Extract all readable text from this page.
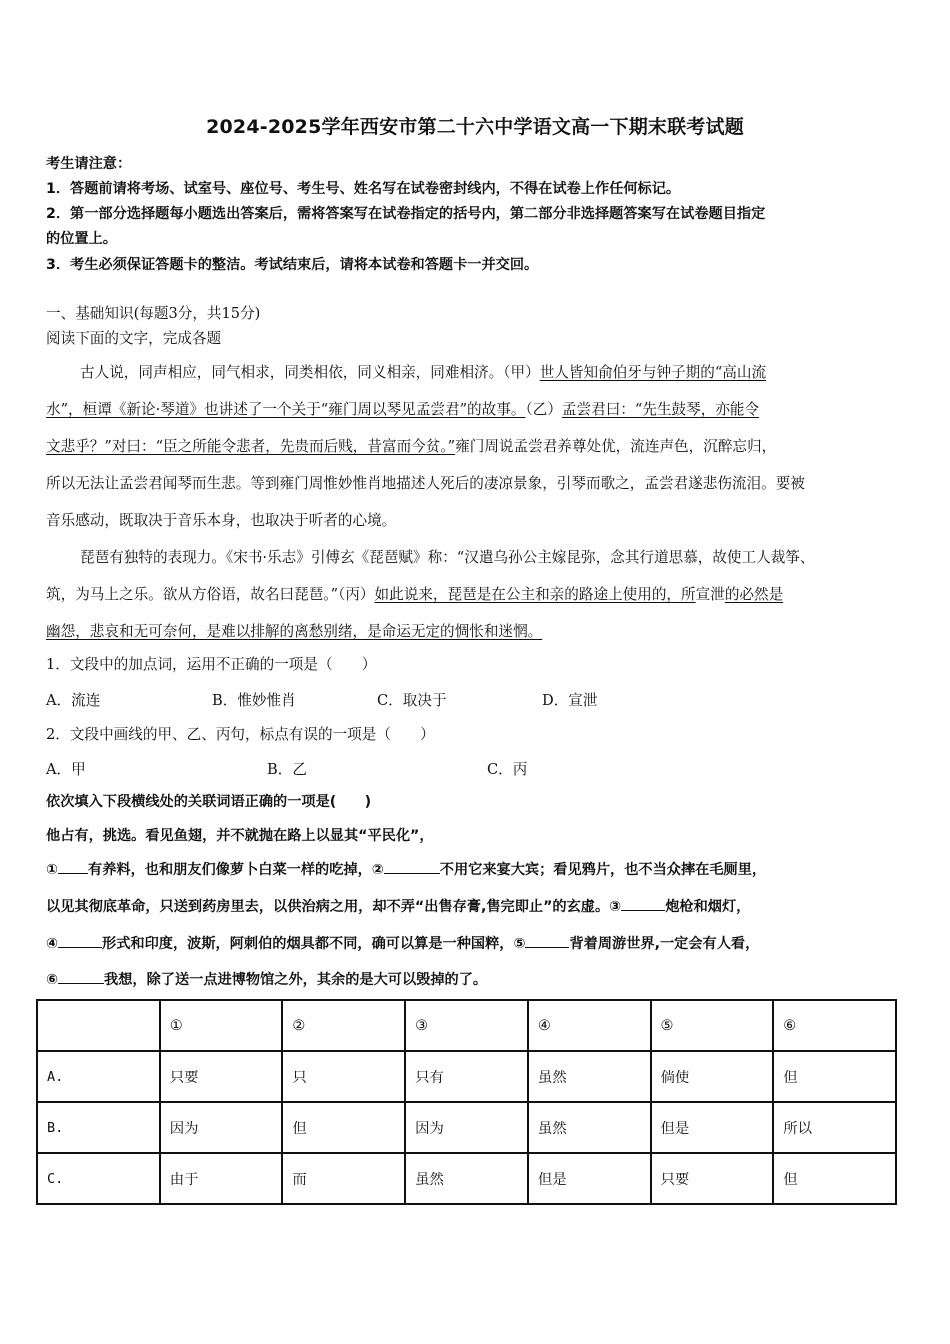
2024-2025学年西安市第二十六中学语文高一下期末联考试题
考生请注意：
1．答题前请将考场、试室号、座位号、考生号、姓名写在试卷密封线内，不得在试卷上作任何标记。
2．第一部分选择题每小题选出答案后，需将答案写在试卷指定的括号内，第二部分非选择题答案写在试卷题目指定
的位置上。
3．考生必须保证答题卡的整洁。考试结束后，请将本试卷和答题卡一并交回。
一、基础知识(每题3分，共15分)
阅读下面的文字，完成各题
古人说，同声相应，同气相求，同类相依，同义相亲，同难相济。（甲）世人皆知俞伯牙与钟子期的“高山流
水”，桓谭《新论·琴道》也讲述了一个关于“雍门周以琴见孟尝君”的故事。（乙）孟尝君曰：“先生鼓琴，亦能令
文悲乎？”对曰：“臣之所能令悲者，先贵而后贱，昔富而今贫。”雍门周说孟尝君养尊处优，流连声色，沉醉忘归，
所以无法让孟尝君闻琴而生悲。等到雍门周惟妙惟肖地描述人死后的凄凉景象，引琴而歌之，孟尝君遂悲伤流泪。要被
音乐感动，既取决于音乐本身，也取决于听者的心境。
琵琶有独特的表现力。《宋书·乐志》引傅玄《琵琶赋》称：“汉遣乌孙公主嫁昆弥，念其行道思慕，故使工人裁筝、
筑，为马上之乐。欲从方俗语，故名曰琵琶。”（丙）如此说来，琵琶是在公主和亲的路途上使用的，所宣泄的必然是
幽怨，悲哀和无可奈何，是难以排解的离愁别绪，是命运无定的惆怅和迷惘。
1．文段中的加点词，运用不正确的一项是（　　）
A．流连	B．惟妙惟肖	C．取决于	D．宣泄
2．文段中画线的甲、乙、丙句，标点有误的一项是（　　）
A．甲	B．乙	C．丙
依次填入下段横线处的关联词语正确的一项是(　　)
他占有，挑选。看见鱼翅，并不就抛在路上以显其“平民化”，
① 有养料，也和朋友们像萝卜白菜一样的吃掉，②	不用它来宴大宾；看见鸦片，也不当众摔在毛厕里，
以见其彻底革命，只送到药房里去，以供治病之用，却不弄“出售存膏,售完即止”的玄虚。③	炮枪和烟灯，
④	形式和印度，波斯，阿刺伯的烟具都不同，确可以算是一种国粹，⑤	背着周游世界,一定会有人看，
⑥	我想，除了送一点进博物馆之外，其余的是大可以毁掉的了。
	①	②	③	④	⑤	⑥
A.	只要	只	只有	虽然	倘使	但
B.	因为	但	因为	虽然	但是	所以
C.	由于	而	虽然	但是	只要	但
